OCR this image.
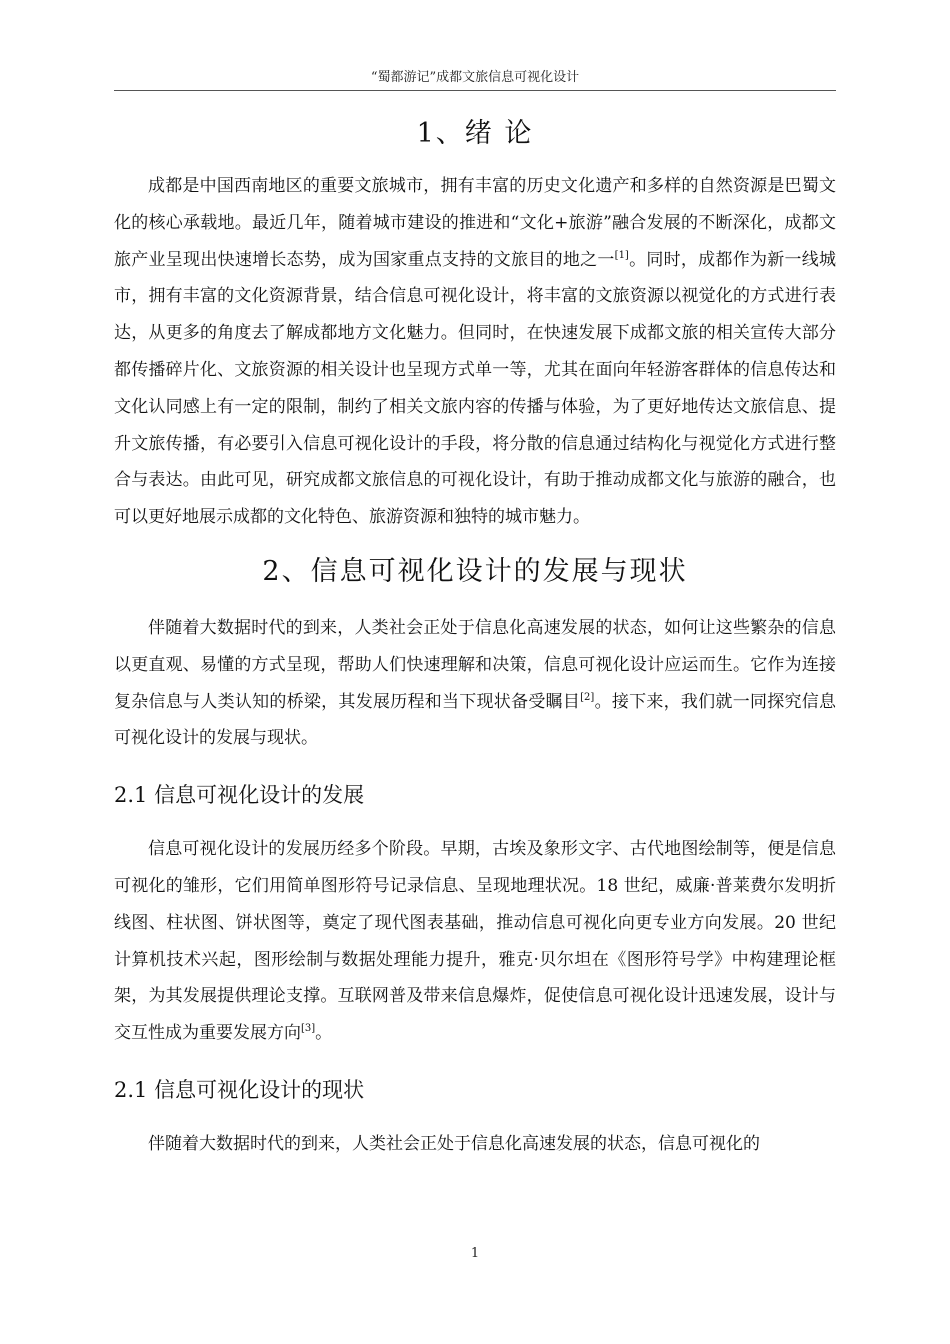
“蜀都游记”成都文旅信息可视化设计
1、绪 论

成都是中国西南地区的重要文旅城市，拥有丰富的历史文化遗产和多样的自然资源是巴蜀文化的核心承载地。最近几年，随着城市建设的推进和“文化+旅游”融合发展的不断深化，成都文旅产业呈现出快速增长态势，成为国家重点支持的文旅目的地之一[1]。同时，成都作为新一线城市，拥有丰富的文化资源背景，结合信息可视化设计，将丰富的文旅资源以视觉化的方式进行表达，从更多的角度去了解成都地方文化魅力。但同时，在快速发展下成都文旅的相关宣传大部分都传播碎片化、文旅资源的相关设计也呈现方式单一等，尤其在面向年轻游客群体的信息传达和文化认同感上有一定的限制，制约了相关文旅内容的传播与体验，为了更好地传达文旅信息、提升文旅传播，有必要引入信息可视化设计的手段，将分散的信息通过结构化与视觉化方式进行整合与表达。由此可见，研究成都文旅信息的可视化设计，有助于推动成都文化与旅游的融合，也可以更好地展示成都的文化特色、旅游资源和独特的城市魅力。

2、信息可视化设计的发展与现状

伴随着大数据时代的到来，人类社会正处于信息化高速发展的状态，如何让这些繁杂的信息以更直观、易懂的方式呈现，帮助人们快速理解和决策，信息可视化设计应运而生。它作为连接复杂信息与人类认知的桥梁，其发展历程和当下现状备受瞩目[2]。接下来，我们就一同探究信息可视化设计的发展与现状。

2.1 信息可视化设计的发展

信息可视化设计的发展历经多个阶段。早期，古埃及象形文字、古代地图绘制等，便是信息可视化的雏形，它们用简单图形符号记录信息、呈现地理状况。18 世纪，威廉·普莱费尔发明折线图、柱状图、饼状图等，奠定了现代图表基础，推动信息可视化向更专业方向发展。20 世纪计算机技术兴起，图形绘制与数据处理能力提升，雅克·贝尔坦在《图形符号学》中构建理论框架，为其发展提供理论支撑。互联网普及带来信息爆炸，促使信息可视化设计迅速发展，设计与交互性成为重要发展方向[3]。

2.1 信息可视化设计的现状

伴随着大数据时代的到来，人类社会正处于信息化高速发展的状态，信息可视化的

1
